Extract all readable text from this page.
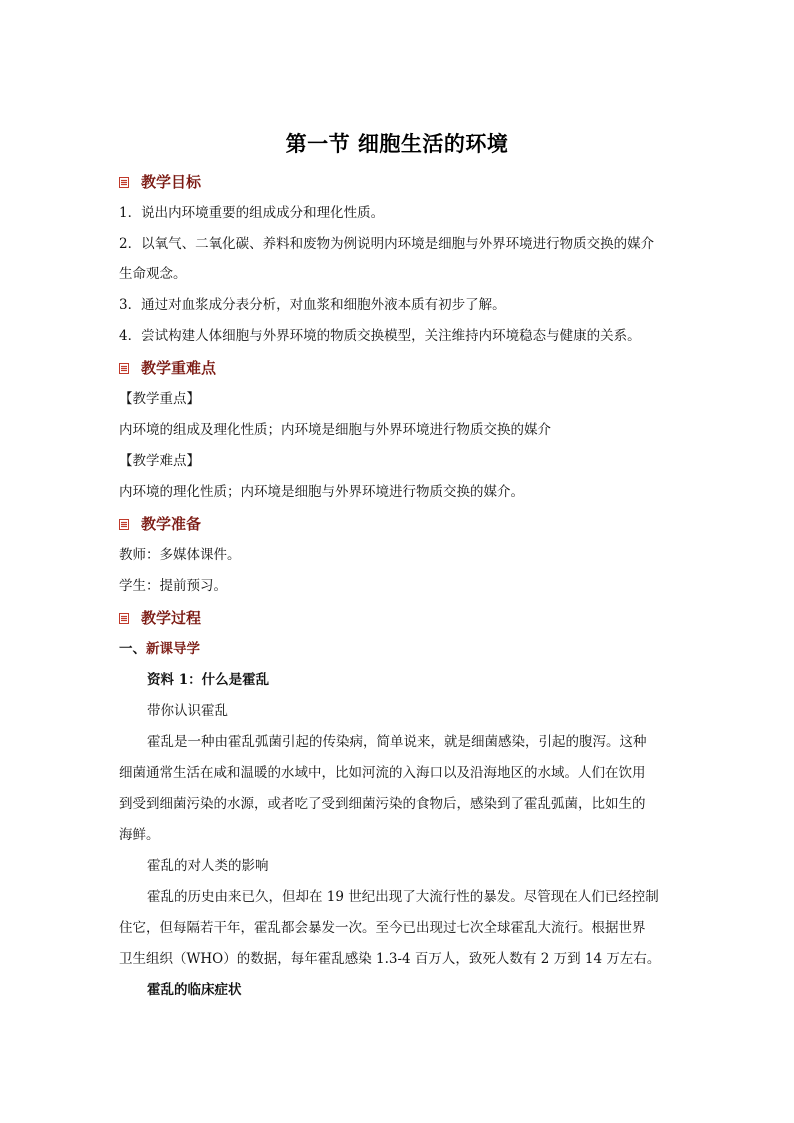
第一节 细胞生活的环境
教学目标
1．说出内环境重要的组成成分和理化性质。
2．以氧气、二氧化碳、养料和废物为例说明内环境是细胞与外界环境进行物质交换的媒介
生命观念。
3．通过对血浆成分表分析，对血浆和细胞外液本质有初步了解。
4．尝试构建人体细胞与外界环境的物质交换模型，关注维持内环境稳态与健康的关系。
教学重难点
【教学重点】
内环境的组成及理化性质；内环境是细胞与外界环境进行物质交换的媒介
【教学难点】
内环境的理化性质；内环境是细胞与外界环境进行物质交换的媒介。
教学准备
教师：多媒体课件。
学生：提前预习。
教学过程
一、新课导学
资料 1：什么是霍乱
带你认识霍乱
霍乱是一种由霍乱弧菌引起的传染病，简单说来，就是细菌感染，引起的腹泻。这种
细菌通常生活在咸和温暖的水域中，比如河流的入海口以及沿海地区的水域。人们在饮用
到受到细菌污染的水源，或者吃了受到细菌污染的食物后，感染到了霍乱弧菌，比如生的
海鲜。
霍乱的对人类的影响
霍乱的历史由来已久，但却在 19 世纪出现了大流行性的暴发。尽管现在人们已经控制
住它，但每隔若干年，霍乱都会暴发一次。至今已出现过七次全球霍乱大流行。根据世界
卫生组织（WHO）的数据，每年霍乱感染 1.3-4 百万人，致死人数有 2 万到 14 万左右。
霍乱的临床症状
